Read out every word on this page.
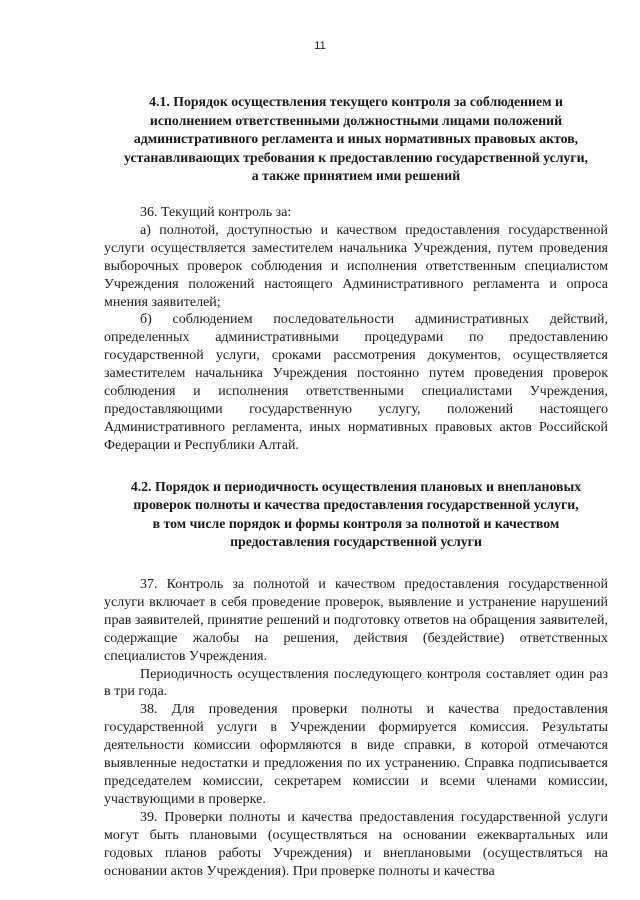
11
4.1. Порядок осуществления текущего контроля за соблюдением и
исполнением ответственными должностными лицами положений
административного регламента и иных нормативных правовых актов,
устанавливающих требования к предоставлению государственной услуги,
а также принятием ими решений

36. Текущий контроль за:

а) полнотой, доступностью и качеством предоставления государственной услуги осуществляется заместителем начальника Учреждения, путем проведения выборочных проверок соблюдения и исполнения ответственным специалистом Учреждения положений настоящего Административного регламента и опроса мнения заявителей;

б) соблюдением последовательности административных действий, определенных административными процедурами по предоставлению государственной услуги, сроками рассмотрения документов, осуществляется заместителем начальника Учреждения постоянно путем проведения проверок соблюдения и исполнения ответственными специалистами Учреждения, предоставляющими государственную услугу, положений настоящего Административного регламента, иных нормативных правовых актов Российской Федерации и Республики Алтай.

4.2. Порядок и периодичность осуществления плановых и внеплановых
проверок полноты и качества предоставления государственной услуги,
в том числе порядок и формы контроля за полнотой и качеством
предоставления государственной услуги

37. Контроль за полнотой и качеством предоставления государственной услуги включает в себя проведение проверок, выявление и устранение нарушений прав заявителей, принятие решений и подготовку ответов на обращения заявителей, содержащие жалобы на решения, действия (бездействие) ответственных специалистов Учреждения.

Периодичность осуществления последующего контроля составляет один раз в три года.

38. Для проведения проверки полноты и качества предоставления государственной услуги в Учреждении формируется комиссия. Результаты деятельности комиссии оформляются в виде справки, в которой отмечаются выявленные недостатки и предложения по их устранению. Справка подписывается председателем комиссии, секретарем комиссии и всеми членами комиссии, участвующими в проверке.

39. Проверки полноты и качества предоставления государственной услуги могут быть плановыми (осуществляться на основании ежеквартальных или годовых планов работы Учреждения) и внеплановыми (осуществляться на основании актов Учреждения). При проверке полноты и качества
